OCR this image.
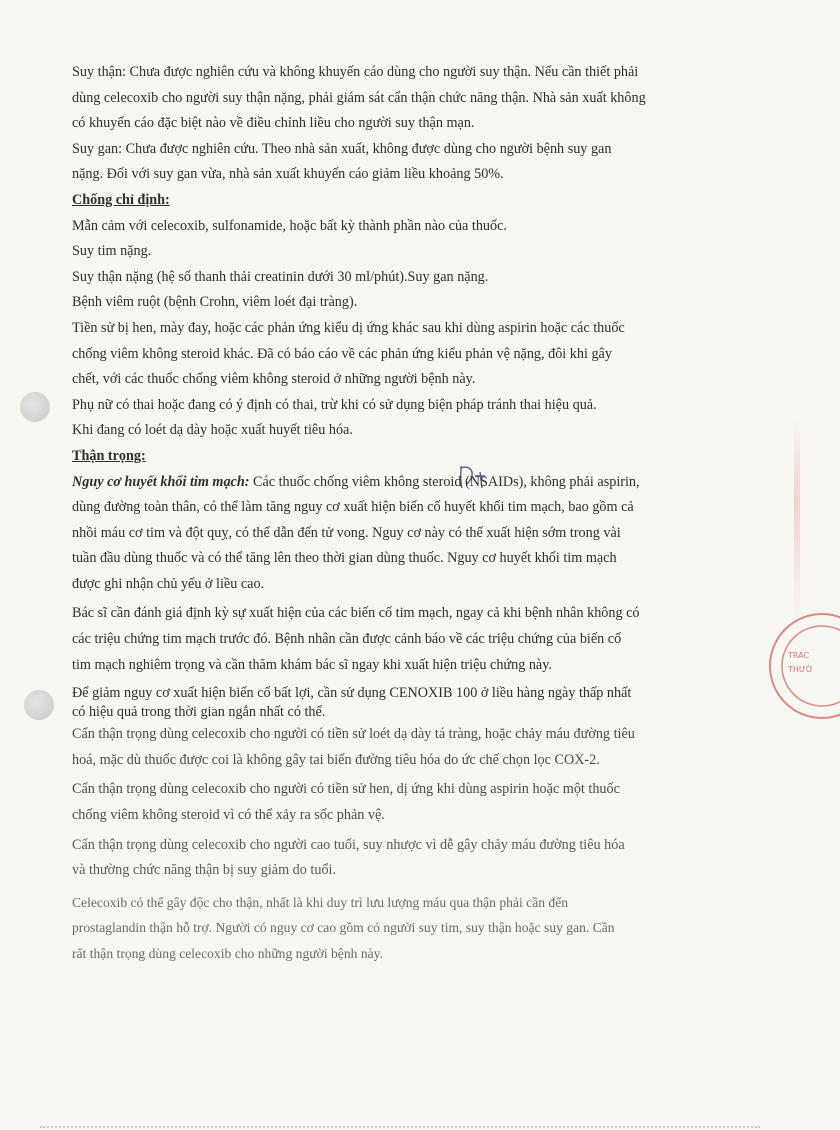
TRÁC
THƯỜ

Suy thận: Chưa được nghiên cứu và không khuyến cáo dùng cho người suy thận. Nếu cần thiết phải
dùng celecoxib cho người suy thận nặng, phải giám sát cẩn thận chức năng thận. Nhà sản xuất không
có khuyến cáo đặc biệt nào về điều chỉnh liều cho người suy thận mạn.

Suy gan: Chưa được nghiên cứu. Theo nhà sản xuất, không được dùng cho người bệnh suy gan
nặng. Đối với suy gan vừa, nhà sản xuất khuyến cáo giảm liều khoảng 50%.

Chống chỉ định:

Mẫn cảm với celecoxib, sulfonamide, hoặc bất kỳ thành phần nào của thuốc.

Suy tim nặng.

Suy thận nặng (hệ số thanh thải creatinin dưới 30 ml/phút).Suy gan nặng.

Bệnh viêm ruột (bệnh Crohn, viêm loét đại tràng).

Tiền sử bị hen, mày đay, hoặc các phản ứng kiểu dị ứng khác sau khi dùng aspirin hoặc các thuốc
chống viêm không steroid khác. Đã có báo cáo về các phản ứng kiểu phản vệ nặng, đôi khi gây
chết, với các thuốc chống viêm không steroid ở những người bệnh này.

Phụ nữ có thai hoặc đang có ý định có thai, trừ khi có sử dụng biện pháp tránh thai hiệu quả.

Khi đang có loét dạ dày hoặc xuất huyết tiêu hóa.

Thận trọng:

Nguy cơ huyết khối tim mạch: Các thuốc chống viêm không steroid (NSAIDs), không phải aspirin,
dùng đường toàn thân, có thể làm tăng nguy cơ xuất hiện biến cố huyết khối tim mạch, bao gồm cả
nhồi máu cơ tim và đột quỵ, có thể dẫn đến tử vong. Nguy cơ này có thể xuất hiện sớm trong vài
tuần đầu dùng thuốc và có thể tăng lên theo thời gian dùng thuốc. Nguy cơ huyết khối tim mạch
được ghi nhận chủ yếu ở liều cao.

Bác sĩ cần đánh giá định kỳ sự xuất hiện của các biến cố tim mạch, ngay cả khi bệnh nhân không có
các triệu chứng tim mạch trước đó. Bệnh nhân cần được cảnh báo về các triệu chứng của biến cố
tim mạch nghiêm trọng và cần thăm khám bác sĩ ngay khi xuất hiện triệu chứng này.

Để giảm nguy cơ xuất hiện biến cố bất lợi, cần sử dụng CENOXIB 100 ở liều hàng ngày thấp nhất
có hiệu quả trong thời gian ngắn nhất có thể.

Cẩn thận trọng dùng celecoxib cho người có tiền sử loét dạ dày tá tràng, hoặc chảy máu đường tiêu
hoá, mặc dù thuốc được coi là không gây tai biến đường tiêu hóa do ức chế chọn lọc COX-2.

Cẩn thận trọng dùng celecoxib cho người có tiền sử hen, dị ứng khi dùng aspirin hoặc một thuốc
chống viêm không steroid vì có thể xảy ra sốc phản vệ.

Cẩn thận trọng dùng celecoxib cho người cao tuổi, suy nhược vì dễ gây chảy máu đường tiêu hóa
và thường chức năng thận bị suy giảm do tuổi.

Celecoxib có thể gây độc cho thận, nhất là khi duy trì lưu lượng máu qua thận phải cần đến
prostaglandin thận hỗ trợ. Người có nguy cơ cao gồm có người suy tim, suy thận hoặc suy gan. Cần
rất thận trọng dùng celecoxib cho những người bệnh này.
